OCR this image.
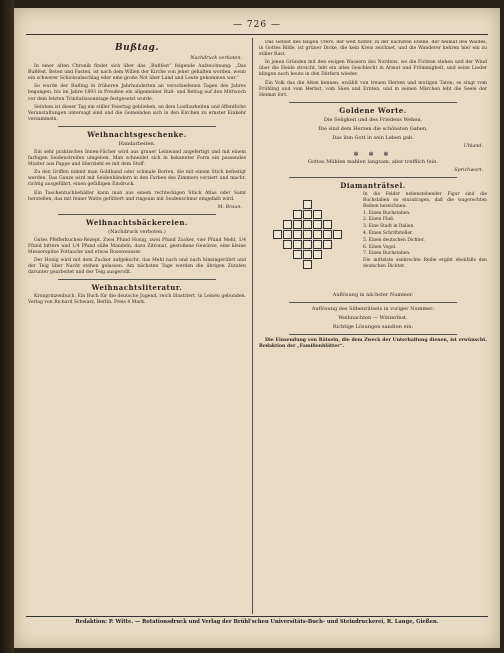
— 726 —
Bußtag.
Nachdruck verboten.

In einer alten Chronik findet sich über das „Bußfest“ folgende Aufzeichnung: „Das Bußfest, Beten und Fasten, ist nach dem Willen der Kirche von jeher gehalten worden, wenn ein schwerer Schicksalsschlag oder eine große Not über Land und Leute gekommen war.“

So wurde der Bußtag in früheren Jahrhunderten an verschiedenen Tagen des Jahres begangen, bis im Jahre 1893 in Preußen ein allgemeiner Buß- und Bettag auf den Mittwoch vor dem letzten Trinitatissonntage festgesetzt wurde.

Seitdem ist dieser Tag ein stiller Feiertag geblieben, an dem Lustbarkeiten und öffentliche Veranstaltungen untersagt sind und die Gemeinden sich in den Kirchen zu ernster Einkehr versammeln.

Weihnachtsgeschenke.
Handarbeiten.

Ein sehr praktisches Innen-Fächer wird aus grauer Leinwand angefertigt und mit einem farbigen Seidenstreifen umgeben. Man schneidet sich in bekannter Form ein passendes Muster aus Pappe und überzieht es mit dem Stoff.

Zu den Griffen nimmt man Goldband oder schmale Borten, die mit einem Stich befestigt werden. Das Ganze wird mit Seidenbändern in den Farben des Zimmers verziert und macht, richtig ausgeführt, einen gefälligen Eindruck.

Ein Taschentuchbehälter kann man aus einem rechteckigen Stück Atlas oder Samt herstellen, das mit feiner Watte gefüttert und ringsum mit Seidenschnur eingefaßt wird.

M. Braun.
Weihnachtsbäckereien.
(Nachdruck verboten.)

Gutes Pfefferkuchen-Rezept. Zwei Pfund Honig, zwei Pfund Zucker, vier Pfund Mehl, 1/4 Pfund bittere und 1/4 Pfund süße Mandeln, dazu Zitronat, gestoßene Gewürze, eine kleine Messerspitze Pottasche und etwas Rosenwasser.

Der Honig wird mit dem Zucker aufgekocht, das Mehl nach und nach hineingerührt und der Teig über Nacht stehen gelassen. Am nächsten Tage werden die übrigen Zutaten darunter gearbeitet und der Teig ausgerollt.

Weihnachtsliteratur.

Kronprinzenbuch. Ein Buch für die deutsche Jugend, reich illustriert, in Leinen gebunden. Verlag von Richard Schwarz, Berlin. Preis 4 Mark.

Das Gebiet des langen Ufers, der weit hinter, in der nächsten Ebene, der heimat des Waldes, in Gottes Bilde, ist grüner Dicke, die kein Kreis zeichnet, und die Wanderer kehren hier ein zu stiller Rast.

In jenen Gründen mit den ewigen Wassern des Nordens, wo die Fichten stehen und der Wind über die Heide streicht, lebt ein altes Geschlecht in Armut und Frömmigkeit, und seine Lieder klingen noch heute in den Dörfern wieder.

Ein Volk das die Alten kennen, erzählt von treuen Herzen und mutigen Taten; es singt vom Frühling und vom Herbst, vom Säen und Ernten, und in seinen Märchen lebt die Seele der Heimat fort.

Goldene Worte.
Die Seligkeit und des Friedens Wehen,
Die sind dem Herzen die schönsten Gaben,
Das ihm Gott in sein Leben gab.
Uhland.
✽ ✽ ✽
Gottes Mühlen mahlen langsam, aber trefflich fein.
Sprichwort.
Diamanträtsel.

In die Felder nebenstehender Figur sind die Buchstaben so einzutragen, daß die wagerechten Reihen bezeichnen:

1. Einen Buchstaben.

2. Einen Fluß.

3. Eine Stadt in Italien.

4. Einen Schriftsteller.

5. Einen deutschen Dichter.

6. Einen Vogel.

7. Einen Buchstaben.

Die mittelste senkrechte Reihe ergibt ebenfalls den deutschen Dichter.

Auflösung in nächster Nummer.
Auflösung des Silbenrätsels in voriger Nummer:
Weihnachten — Winterfest.
Richtige Lösungen sandten ein:

Die Einsendung von Rätseln, die dem Zweck der Unterhaltung dienen, ist erwünscht. Redaktion der „Familienblätter“.

Redaktion: P. Witte. — Rotationsdruck und Verlag der Brühl'schen Universitäts-Buch- und Steindruckerei, R. Lange, Gießen.
